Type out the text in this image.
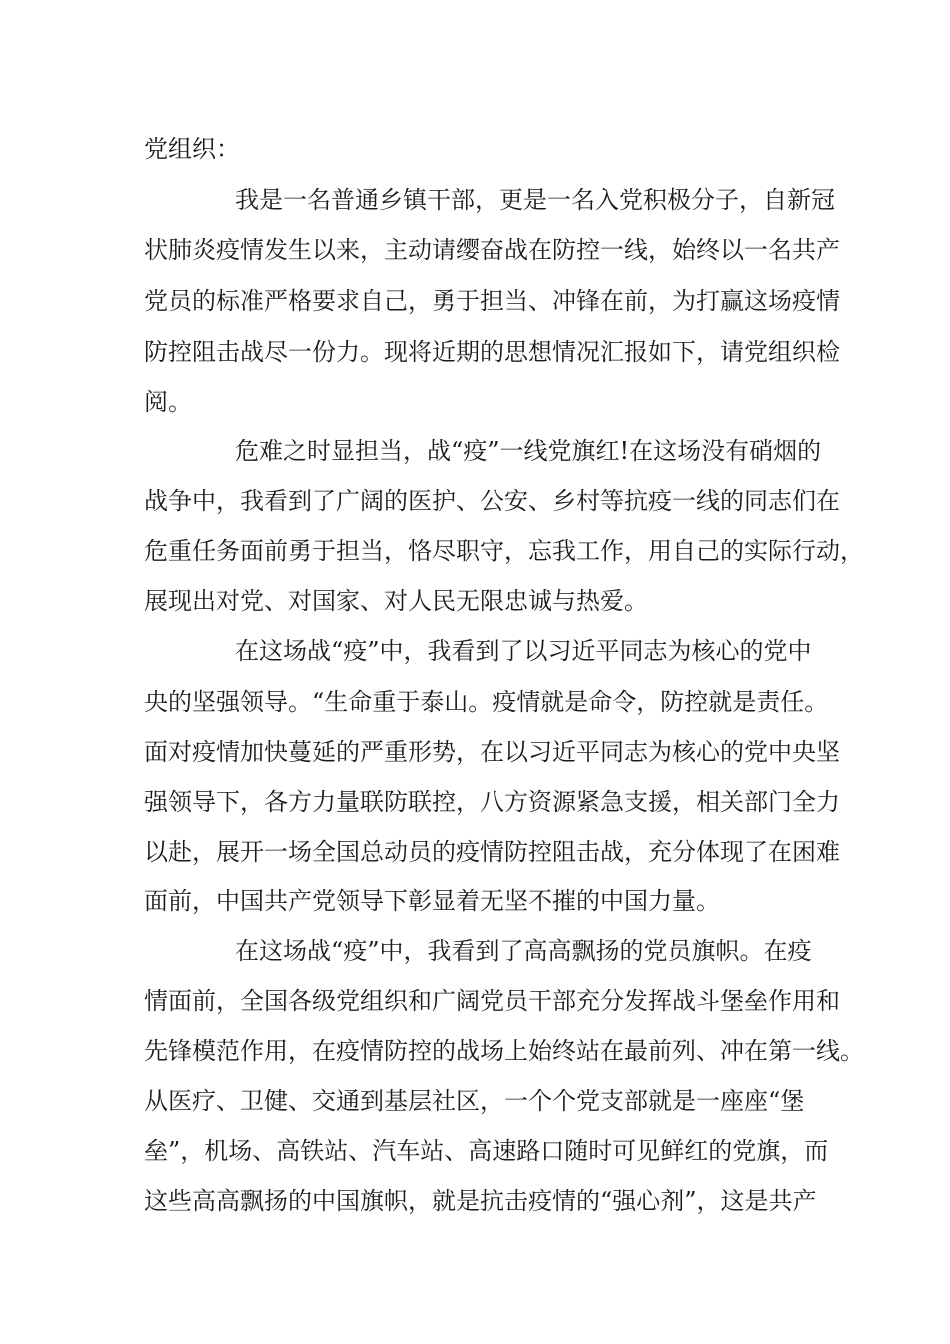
党组织：
我是一名普通乡镇干部，更是一名入党积极分子，自新冠
状肺炎疫情发生以来，主动请缨奋战在防控一线，始终以一名共产
党员的标准严格要求自己，勇于担当、冲锋在前，为打赢这场疫情
防控阻击战尽一份力。现将近期的思想情况汇报如下，请党组织检
阅。
危难之时显担当，战“疫”一线党旗红!在这场没有硝烟的
战争中，我看到了广阔的医护、公安、乡村等抗疫一线的同志们在
危重任务面前勇于担当，恪尽职守，忘我工作，用自己的实际行动，
展现出对党、对国家、对人民无限忠诚与热爱。
在这场战“疫”中，我看到了以习近平同志为核心的党中
央的坚强领导。“生命重于泰山。疫情就是命令，防控就是责任。
面对疫情加快蔓延的严重形势，在以习近平同志为核心的党中央坚
强领导下，各方力量联防联控，八方资源紧急支援，相关部门全力
以赴，展开一场全国总动员的疫情防控阻击战，充分体现了在困难
面前，中国共产党领导下彰显着无坚不摧的中国力量。
在这场战“疫”中，我看到了高高飘扬的党员旗帜。在疫
情面前，全国各级党组织和广阔党员干部充分发挥战斗堡垒作用和
先锋模范作用，在疫情防控的战场上始终站在最前列、冲在第一线。
从医疗、卫健、交通到基层社区，一个个党支部就是一座座“堡
垒”，机场、高铁站、汽车站、高速路口随时可见鲜红的党旗，而
这些高高飘扬的中国旗帜，就是抗击疫情的“强心剂”，这是共产
